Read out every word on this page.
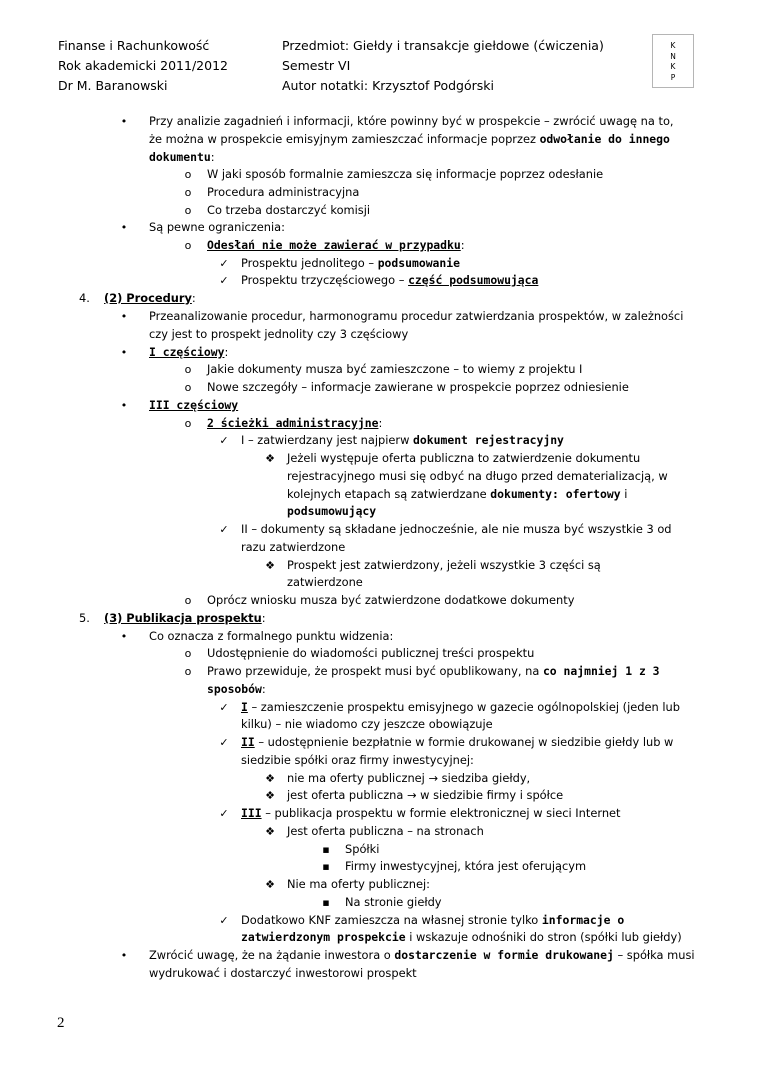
Finanse i Rachunkowość
Rok akademicki 2011/2012
Dr M. Baranowski
Przedmiot: Giełdy i transakcje giełdowe (ćwiczenia)
Semestr VI
Autor notatki: Krzysztof Podgórski
K
N
K
P
•	Przy analizie zagadnień i informacji, które powinny być w prospekcie – zwrócić uwagę na to,
że można w prospekcie emisyjnym zamieszczać informacje poprzez odwołanie do innego
dokumentu:
o	W jaki sposób formalnie zamieszcza się informacje poprzez odesłanie
o	Procedura administracyjna
o	Co trzeba dostarczyć komisji
•	Są pewne ograniczenia:
o	Odesłań nie może zawierać w przypadku:
✓ Prospektu jednolitego – podsumowanie
✓ Prospektu trzyczęściowego – część podsumowująca
4. (2) Procedury:
•	Przeanalizowanie procedur, harmonogramu procedur zatwierdzania prospektów, w zależności
czy jest to prospekt jednolity czy 3 częściowy
•	I częściowy:
o	Jakie dokumenty musza być zamieszczone – to wiemy z projektu I
o	Nowe szczegóły – informacje zawierane w prospekcie poprzez odniesienie
•	III częściowy
o	2 ścieżki administracyjne:
✓ I – zatwierdzany jest najpierw dokument rejestracyjny
❖ Jeżeli występuje oferta publiczna to zatwierdzenie dokumentu
rejestracyjnego musi się odbyć na długo przed dematerializacją, w
kolejnych etapach są zatwierdzane dokumenty: ofertowy i
podsumowujący
✓ II – dokumenty są składane jednocześnie, ale nie musza być wszystkie 3 od
razu zatwierdzone
❖ Prospekt jest zatwierdzony, jeżeli wszystkie 3 części są
zatwierdzone
o	Oprócz wniosku musza być zatwierdzone dodatkowe dokumenty
5. (3) Publikacja prospektu:
•	Co oznacza z formalnego punktu widzenia:
o	Udostępnienie do wiadomości publicznej treści prospektu
o	Prawo przewiduje, że prospekt musi być opublikowany, na co najmniej 1 z 3
sposobów:
✓ I – zamieszczenie prospektu emisyjnego w gazecie ogólnopolskiej (jeden lub
kilku) – nie wiadomo czy jeszcze obowiązuje
✓ II – udostępnienie bezpłatnie w formie drukowanej w siedzibie giełdy lub w
siedzibie spółki oraz firmy inwestycyjnej:
❖ nie ma oferty publicznej → siedziba giełdy,
❖ jest oferta publiczna → w siedzibie firmy i spółce
✓ III – publikacja prospektu w formie elektronicznej w sieci Internet
❖ Jest oferta publiczna – na stronach
▪ Spółki
▪ Firmy inwestycyjnej, która jest oferującym
❖ Nie ma oferty publicznej:
▪ Na stronie giełdy
✓ Dodatkowo KNF zamieszcza na własnej stronie tylko informacje o
zatwierdzonym prospekcie i wskazuje odnośniki do stron (spółki lub giełdy)
•	Zwrócić uwagę, że na żądanie inwestora o dostarczenie w formie drukowanej – spółka musi
wydrukować i dostarczyć inwestorowi prospekt
2
